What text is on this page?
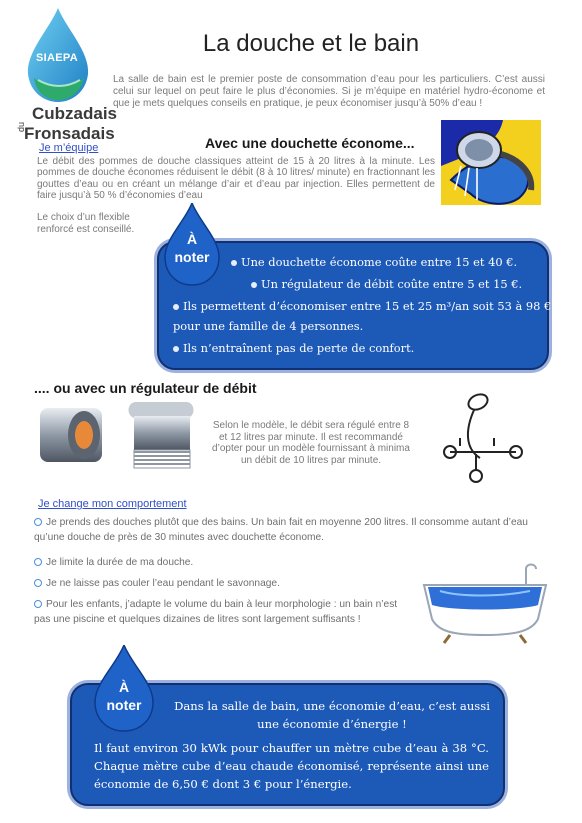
SIAEPA
du
Cubzadais
Fronsadais
La douche et le bain
La salle de bain est le premier poste de consommation d’eau pour les particuliers. C’est aussi celui sur lequel on peut faire le plus d’économies. Si je m’équipe en matériel hydro-économe et que je mets quelques conseils en pratique, je peux économiser jusqu’à 50% d’eau !
Avec une douchette économe...
Je m’équipe
Le débit des pommes de douche classiques atteint de 15 à 20 litres à la minute. Les pommes de douche économes réduisent le débit (8 à 10 litres/ minute) en fractionnant les gouttes d’eau ou en créant un mélange d’air et d’eau par injection. Elles permettent de faire jusqu’à 50 % d’économies d’eau
Le choix d’un flexible renforcé est conseillé.
Une douchette économe coûte entre 15 et 40 €.
Un régulateur de débit coûte entre 5 et 15 €.
Ils permettent d’économiser entre 15 et 25 m³/an soit 53 à 98 €
pour une famille de 4 personnes.
Ils n’entraînent pas de perte de confort.
À
noter
.... ou avec un régulateur de débit
Selon le modèle, le débit sera régulé entre 8 et 12 litres par minute. Il est recommandé d’opter pour un modèle fournissant à minima un débit de 10 litres par minute.
Je change mon comportement
Je prends des douches plutôt que des bains. Un bain fait en moyenne 200 litres. Il consomme autant d’eau qu’une douche de près de 30 minutes avec douchette économe.
Je limite la durée de ma douche.
Je ne laisse pas couler l’eau pendant le savonnage.
Pour les enfants, j’adapte le volume du bain à leur morphologie : un bain n’est pas une piscine et quelques dizaines de litres sont largement suffisants !
Dans la salle de bain, une économie d’eau, c’est aussi une économie d’énergie !
Il faut environ 30 kWk pour chauffer un mètre cube d’eau à 38 °C. Chaque mètre cube d’eau chaude économisé, représente ainsi une économie de 6,50 € dont 3 € pour l’énergie.
À
noter
